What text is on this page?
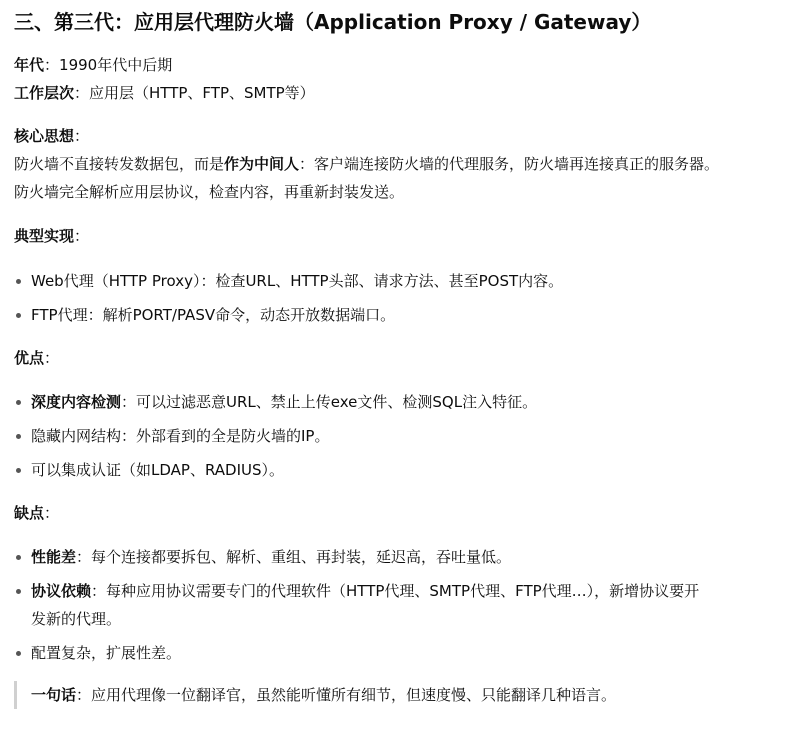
三、第三代：应用层代理防火墙（Application Proxy / Gateway）
年代：1990年代中后期
工作层次：应用层（HTTP、FTP、SMTP等）
核心思想：
防火墙不直接转发数据包，而是作为中间人：客户端连接防火墙的代理服务，防火墙再连接真正的服务器。
防火墙完全解析应用层协议，检查内容，再重新封装发送。
典型实现：
Web代理（HTTP Proxy）：检查URL、HTTP头部、请求方法、甚至POST内容。
FTP代理：解析PORT/PASV命令，动态开放数据端口。
优点：
深度内容检测：可以过滤恶意URL、禁止上传exe文件、检测SQL注入特征。
隐藏内网结构：外部看到的全是防火墙的IP。
可以集成认证（如LDAP、RADIUS）。
缺点：
性能差：每个连接都要拆包、解析、重组、再封装，延迟高，吞吐量低。
协议依赖：每种应用协议需要专门的代理软件（HTTP代理、SMTP代理、FTP代理…），新增协议要开
发新的代理。
配置复杂，扩展性差。
一句话：应用代理像一位翻译官，虽然能听懂所有细节，但速度慢、只能翻译几种语言。
